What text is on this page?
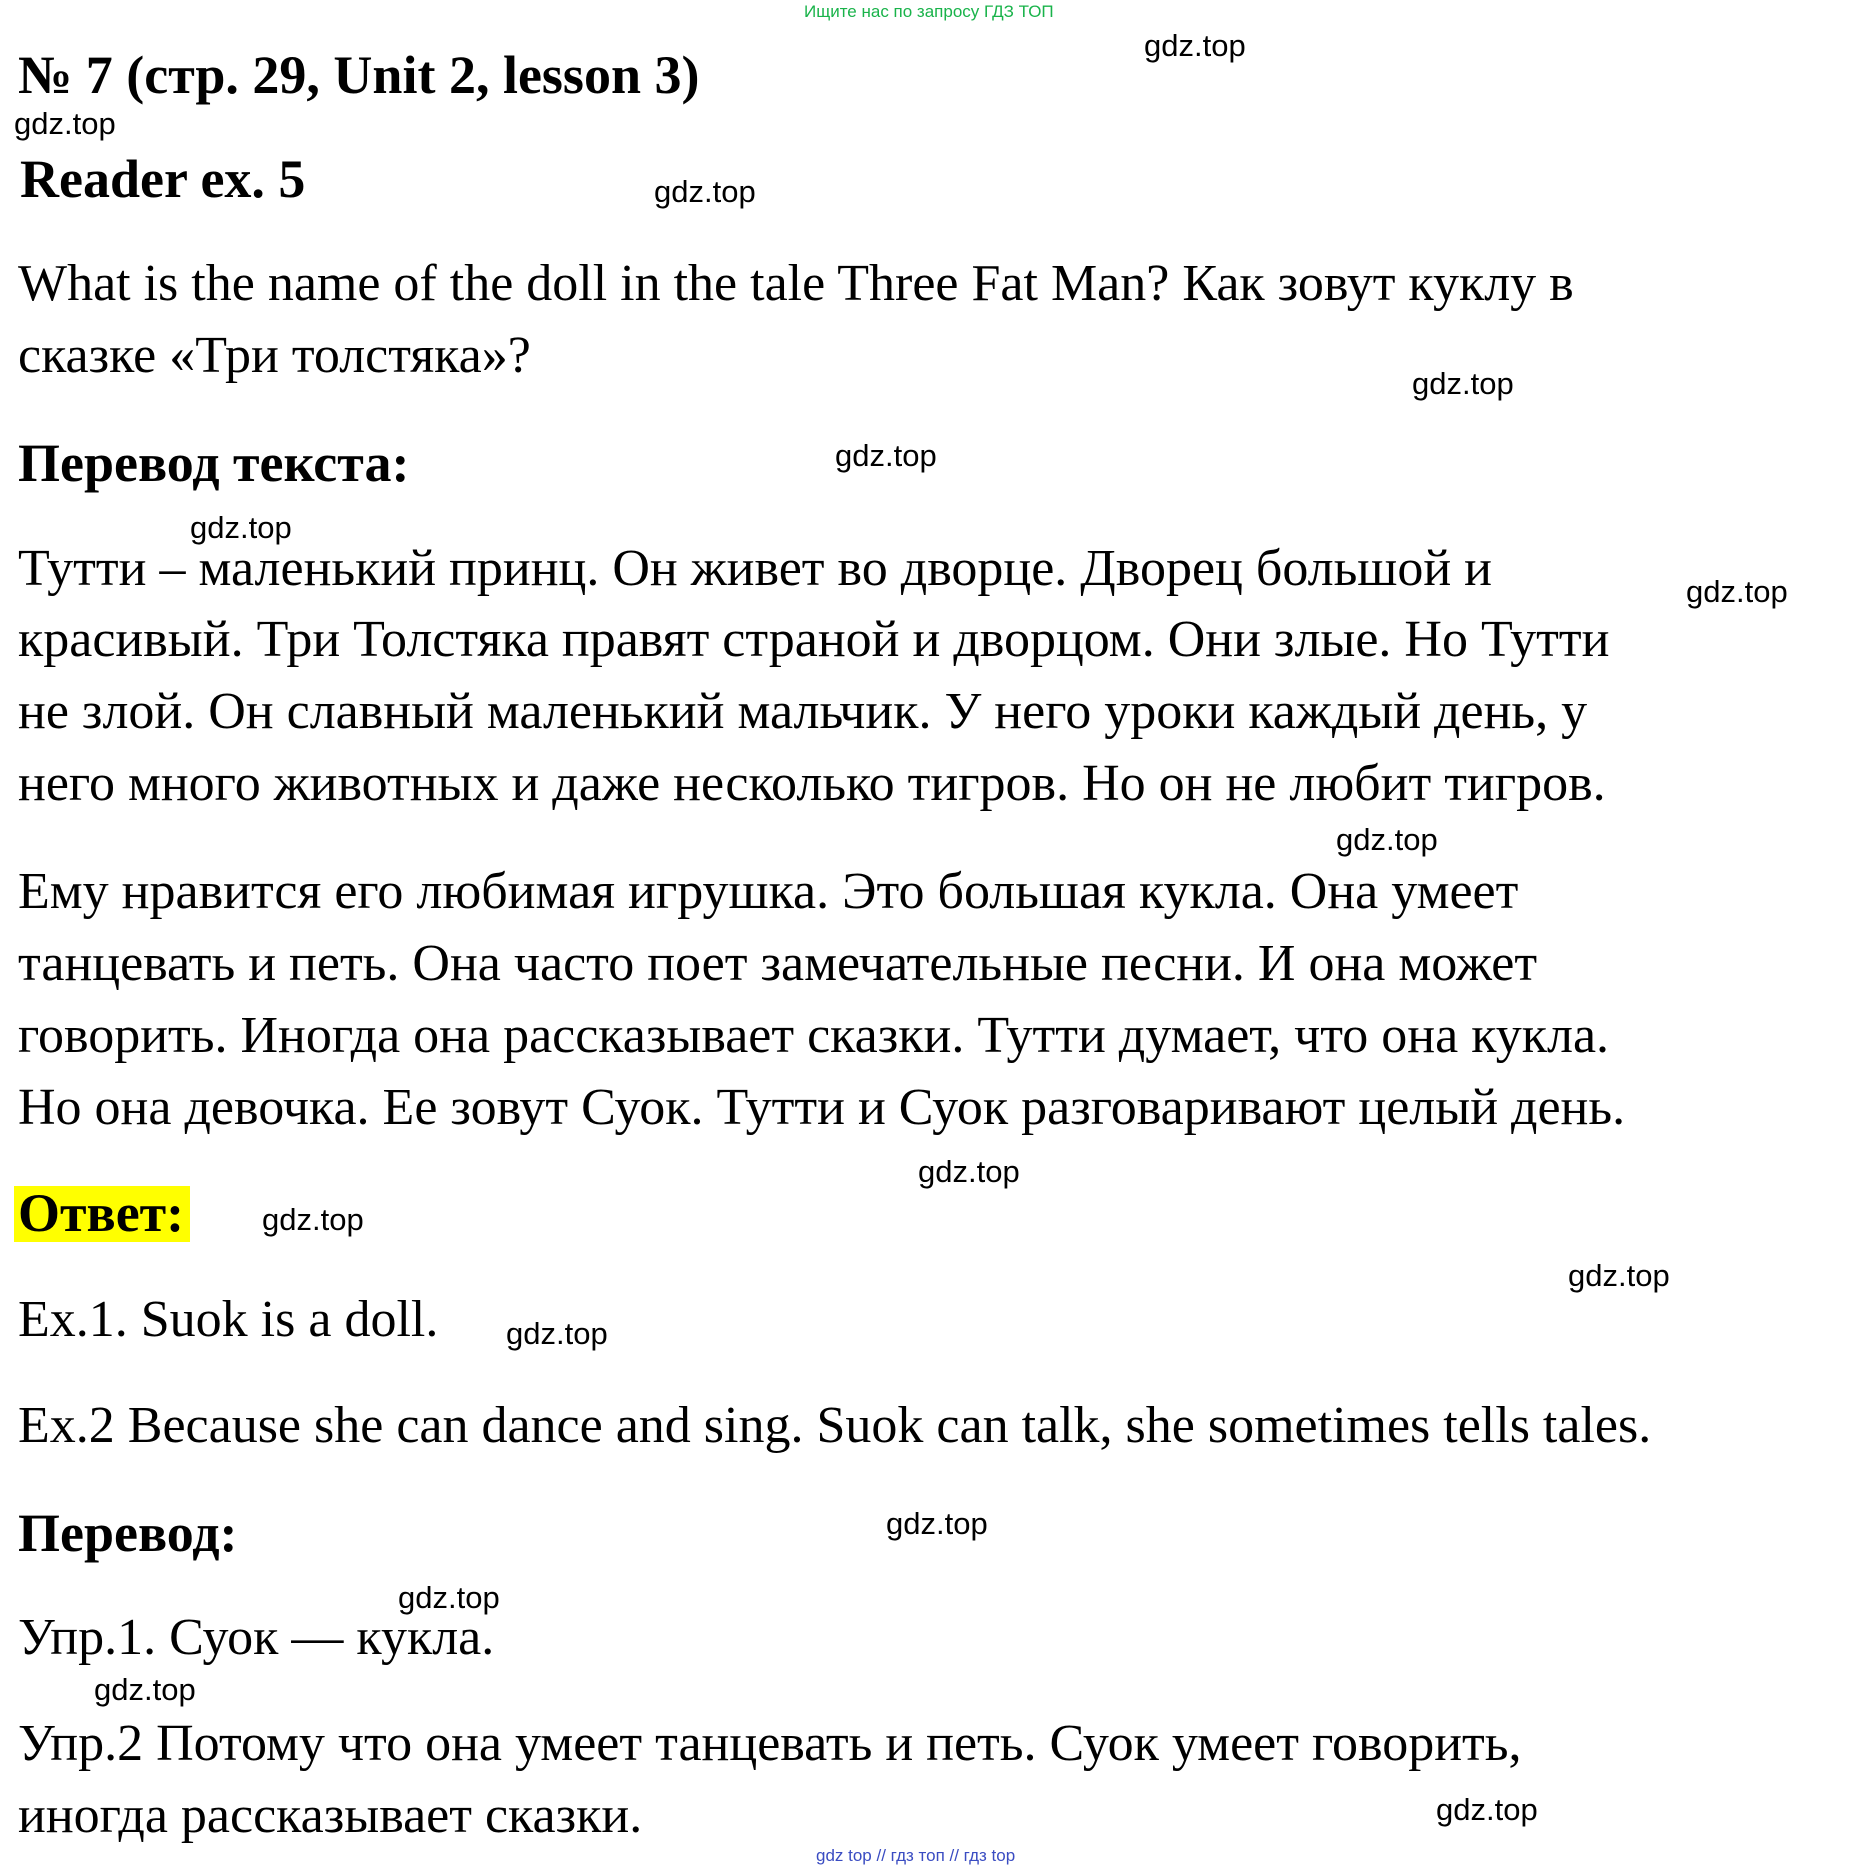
Ищите нас по запросу ГДЗ ТОП
№ 7 (стр. 29, Unit 2, lesson 3)
Reader ex. 5
What is the name of the doll in the tale Three Fat Man? Как зовут куклу в
сказке «Три толстяка»?
Перевод текста:
Тутти – маленький принц. Он живет во дворце. Дворец большой и
красивый. Три Толстяка правят страной и дворцом. Они злые. Но Тутти
не злой. Он славный маленький мальчик. У него уроки каждый день, у
него много животных и даже несколько тигров. Но он не любит тигров.
Ему нравится его любимая игрушка. Это большая кукла. Она умеет
танцевать и петь. Она часто поет замечательные песни. И она может
говорить. Иногда она рассказывает сказки. Тутти думает, что она кукла.
Но она девочка. Ее зовут Суок. Тутти и Суок разговаривают целый день.
Ответ:
Ex.1. Suok is a doll.
Ex.2 Because she can dance and sing. Suok can talk, she sometimes tells tales.
Перевод:
Упр.1. Суок — кукла.
Упр.2 Потому что она умеет танцевать и петь. Суок умеет говорить,
иногда рассказывает сказки.
gdz.top
gdz.top
gdz.top
gdz.top
gdz.top
gdz.top
gdz.top
gdz.top
gdz.top
gdz.top
gdz.top
gdz.top
gdz.top
gdz.top
gdz.top
gdz.top
gdz top // гдз топ // гдз top
